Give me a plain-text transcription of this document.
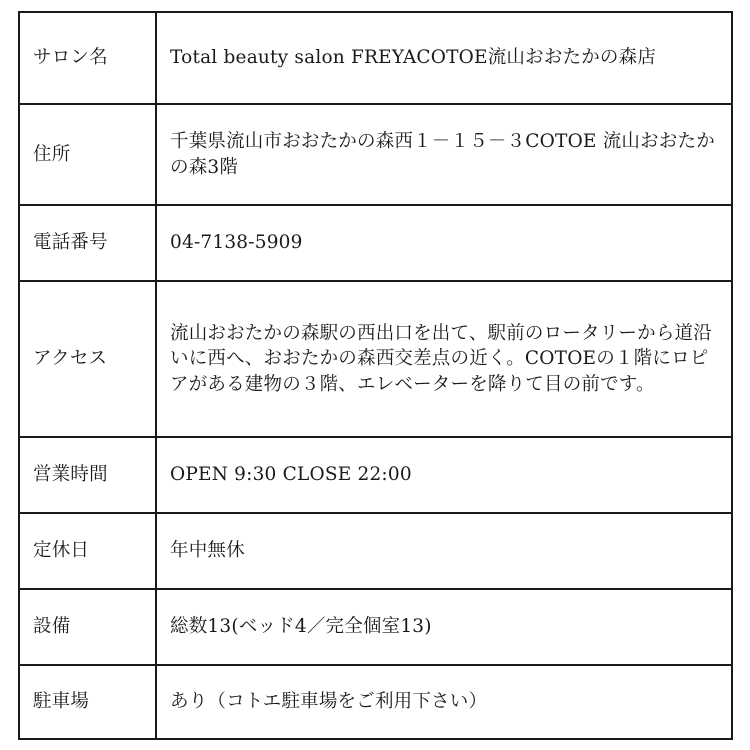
サロン名	Total beauty salon FREYACOTOE流山おおたかの森店
住所	千葉県流山市おおたかの森西１－１５－３COTOE 流山おおたかの森3階
電話番号	04-7138-5909
アクセス	流山おおたかの森駅の西出口を出て、駅前のロータリーから道沿いに西へ、おおたかの森西交差点の近く。COTOEの１階にロピアがある建物の３階、エレベーターを降りて目の前です。
営業時間	OPEN 9:30 CLOSE 22:00
定休日	年中無休
設備	総数13(ベッド4／完全個室13)
駐車場	あり（コトエ駐車場をご利用下さい）
